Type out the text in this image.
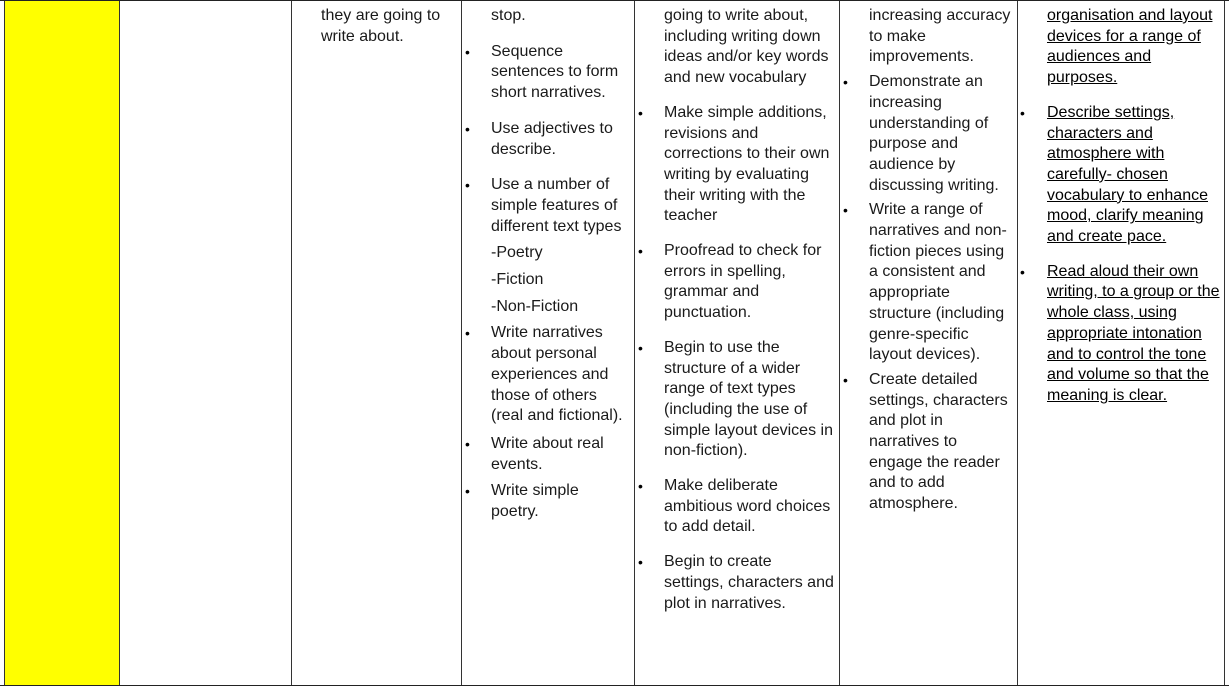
they are going to write about.
stop.
• Sequence sentences to form short narratives.
• Use adjectives to describe.
• Use a number of simple features of different text types
-Poetry
-Fiction
-Non-Fiction
• Write narratives about personal experiences and those of others (real and fictional).
• Write about real events.
• Write simple poetry.
going to write about, including writing down ideas and/or key words and new vocabulary
• Make simple additions, revisions and corrections to their own writing by evaluating their writing with the teacher
• Proofread to check for errors in spelling, grammar and punctuation.
• Begin to use the structure of a wider range of text types (including the use of simple layout devices in non-fiction).
• Make deliberate ambitious word choices to add detail.
• Begin to create settings, characters and plot in narratives.
increasing accuracy to make improvements.
• Demonstrate an increasing understanding of purpose and audience by discussing writing.
• Write a range of narratives and non-fiction pieces using a consistent and appropriate structure (including genre-specific layout devices).
• Create detailed settings, characters and plot in narratives to engage the reader and to add atmosphere.
organisation and layout devices for a range of audiences and purposes.
• Describe settings, characters and atmosphere with carefully- chosen vocabulary to enhance mood, clarify meaning and create pace.
• Read aloud their own writing, to a group or the whole class, using appropriate intonation and to control the tone and volume so that the meaning is clear.
